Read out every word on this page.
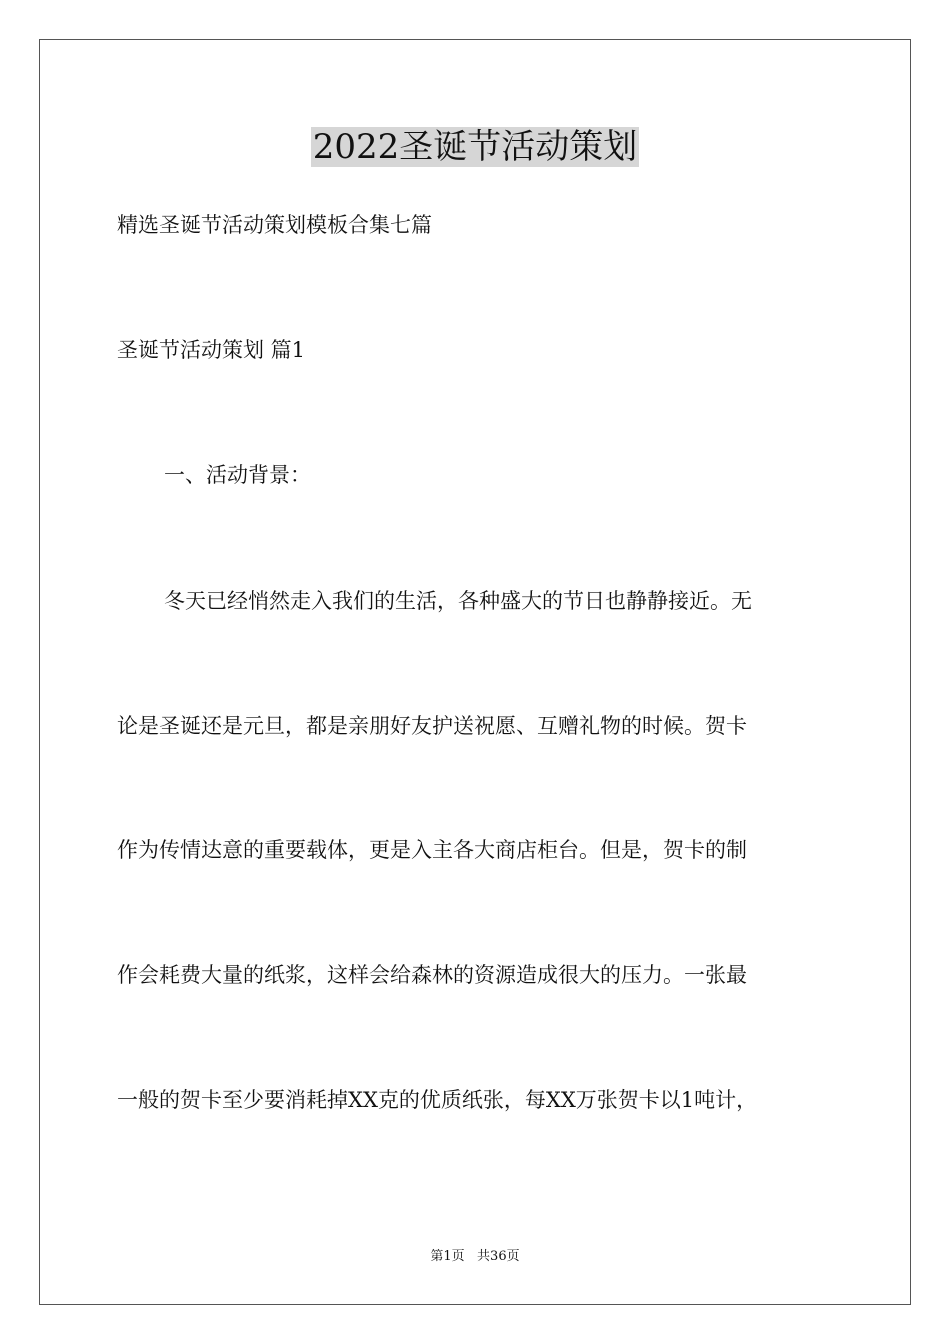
2022圣诞节活动策划

精选圣诞节活动策划模板合集七篇

圣诞节活动策划 篇1

一、活动背景：

冬天已经悄然走入我们的生活，各种盛大的节日也静静接近。无

论是圣诞还是元旦，都是亲朋好友护送祝愿、互赠礼物的时候。贺卡

作为传情达意的重要载体，更是入主各大商店柜台。但是，贺卡的制

作会耗费大量的纸浆，这样会给森林的资源造成很大的压力。一张最

一般的贺卡至少要消耗掉XX克的优质纸张，每XX万张贺卡以1吨计，

第1页   共36页
